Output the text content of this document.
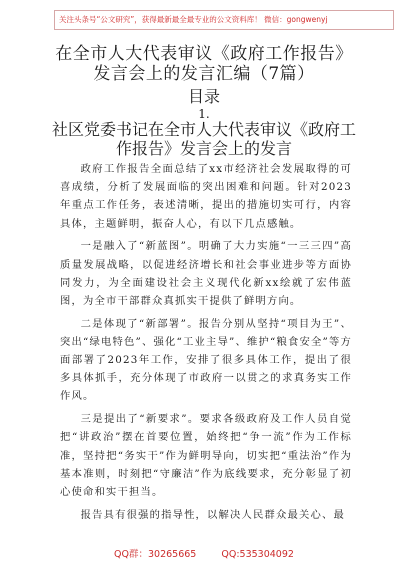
关注头条号“公文研究”，获得最新最全最专业的公文资料库！ 微信：gongwenyj
在全市人大代表审议《政府工作报告》发言会上的发言汇编（7篇）
目录
1.
社区党委书记在全市人大代表审议《政府工作报告》发言会上的发言

政府工作报告全面总结了xx市经济社会发展取得的可喜成绩，分析了发展面临的突出困难和问题。针对2023年重点工作任务，表述清晰，提出的措施切实可行，内容具体，主题鲜明，振奋人心，有以下几点感触。

一是融入了“新蓝图”。明确了大力实施“一三三四”高质量发展战略，以促进经济增长和社会事业进步等方面协同发力，为全面建设社会主义现代化新xx绘就了宏伟蓝图，为全市干部群众真抓实干提供了鲜明方向。

二是体现了“新部署”。报告分别从坚持“项目为王”、突出“绿电特色”、强化“工业主导”、维护“粮食安全”等方面部署了2023年工作，安排了很多具体工作，提出了很多具体抓手，充分体现了市政府一以贯之的求真务实工作作风。

三是提出了“新要求”。要求各级政府及工作人员自觉把“讲政治”摆在首要位置，始终把“争一流”作为工作标准，坚持把“务实干”作为鲜明导向，切实把“重法治”作为基本准则，时刻把“守廉洁”作为底线要求，充分彰显了初心使命和实干担当。

报告具有很强的指导性，以解决人民群众最关心、最

QQ群：30265665	QQ:535304092
